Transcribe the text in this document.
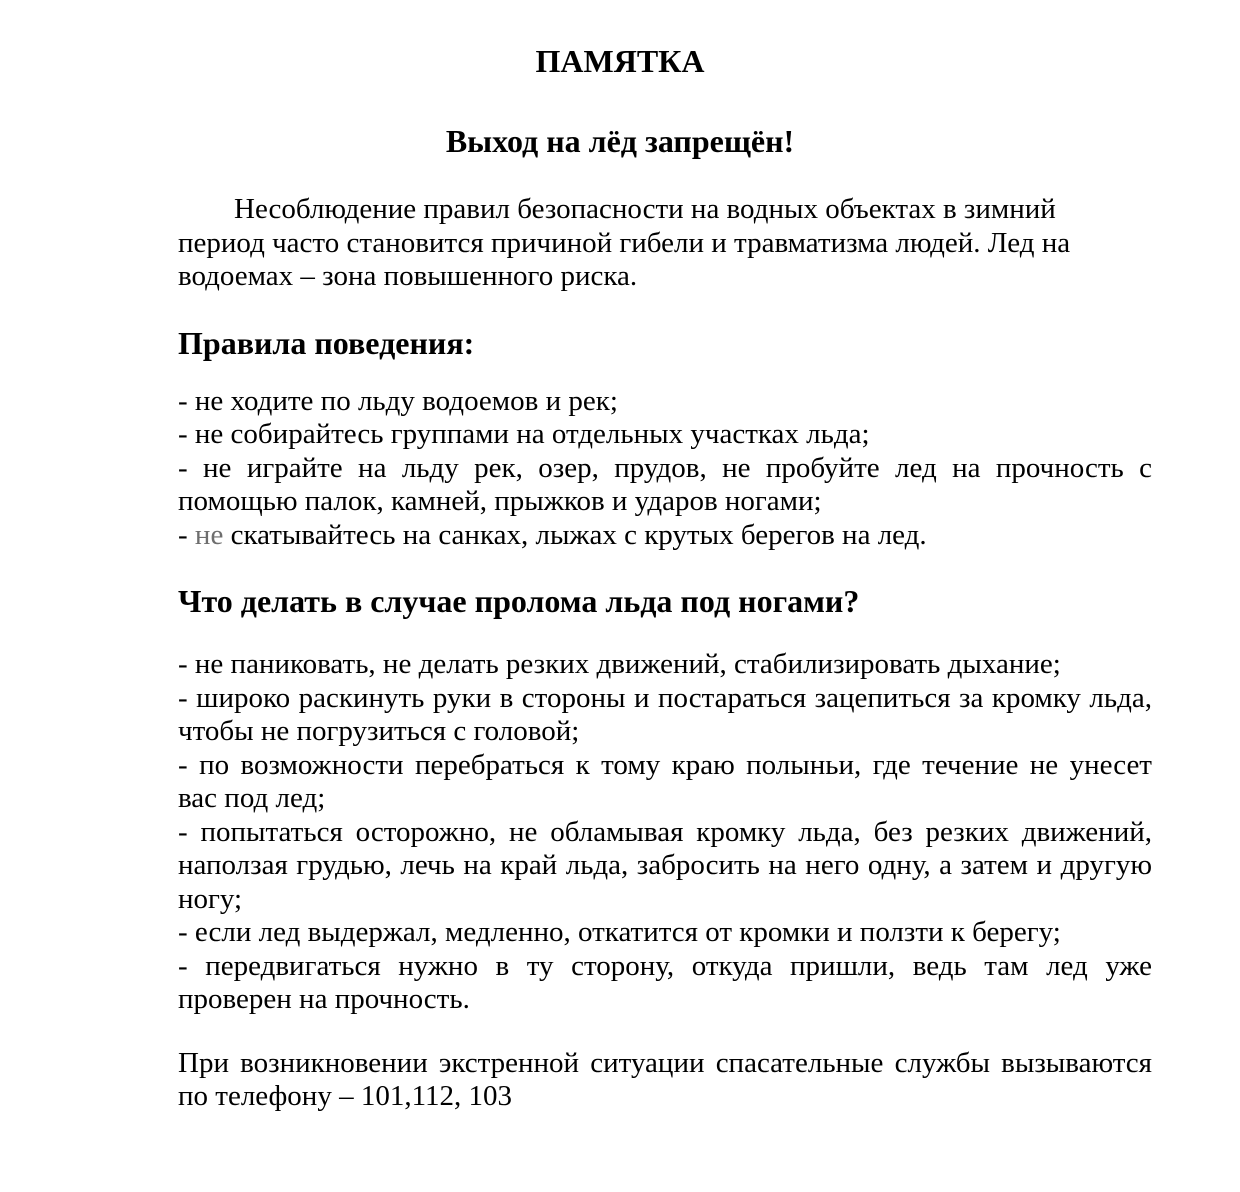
ПАМЯТКА
Выход на лёд запрещён!

Несоблюдение правил безопасности на водных объектах в зимний
период часто становится причиной гибели и травматизма людей. Лед на
водоемах – зона повышенного риска.

Правила поведения:

- не ходите по льду водоемов и рек;

- не собирайтесь группами на отдельных участках льда;

- не играйте на льду рек, озер, прудов, не пробуйте лед на прочность с
помощью палок, камней, прыжков и ударов ногами;

- не скатывайтесь на санках, лыжах с крутых берегов на лед.

Что делать в случае пролома льда под ногами?

- не паниковать, не делать резких движений, стабилизировать дыхание;

- широко раскинуть руки в стороны и постараться зацепиться за кромку льда,
чтобы не погрузиться с головой;

- по возможности перебраться к тому краю полыньи, где течение не унесет
вас под лед;

- попытаться осторожно, не обламывая кромку льда, без резких движений,
наползая грудью, лечь на край льда, забросить на него одну, а затем и другую
ногу;

- если лед выдержал, медленно, откатится от кромки и ползти к берегу;

- передвигаться нужно в ту сторону, откуда пришли, ведь там лед уже
проверен на прочность.

При возникновении экстренной ситуации спасательные службы вызываются
по телефону – 101,112, 103
